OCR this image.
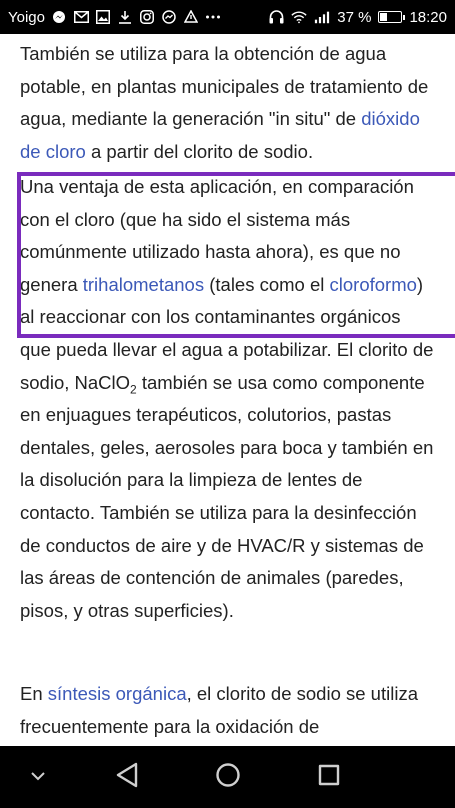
Yoigo	37 %	18:20

También se utiliza para la obtención de agua potable, en plantas municipales de tratamiento de agua, mediante la generación "in situ" de dióxido de cloro a partir del clorito de sodio.

Una ventaja de esta aplicación, en comparación con el cloro (que ha sido el sistema más comúnmente utilizado hasta ahora), es que no genera trihalometanos (tales como el cloroformo) al reaccionar con los contaminantes orgánicos que pueda llevar el agua a potabilizar. El clorito de sodio, NaClO$_2$ también se usa como componente en enjuagues terapéuticos, colutorios, pastas dentales, geles, aerosoles para boca y también en la disolución para la limpieza de lentes de contacto. También se utiliza para la desinfección de conductos de aire y de HVAC/R y sistemas de las áreas de contención de animales (paredes, pisos, y otras superficies).

En síntesis orgánica, el clorito de sodio se utiliza frecuentemente para la oxidación de
